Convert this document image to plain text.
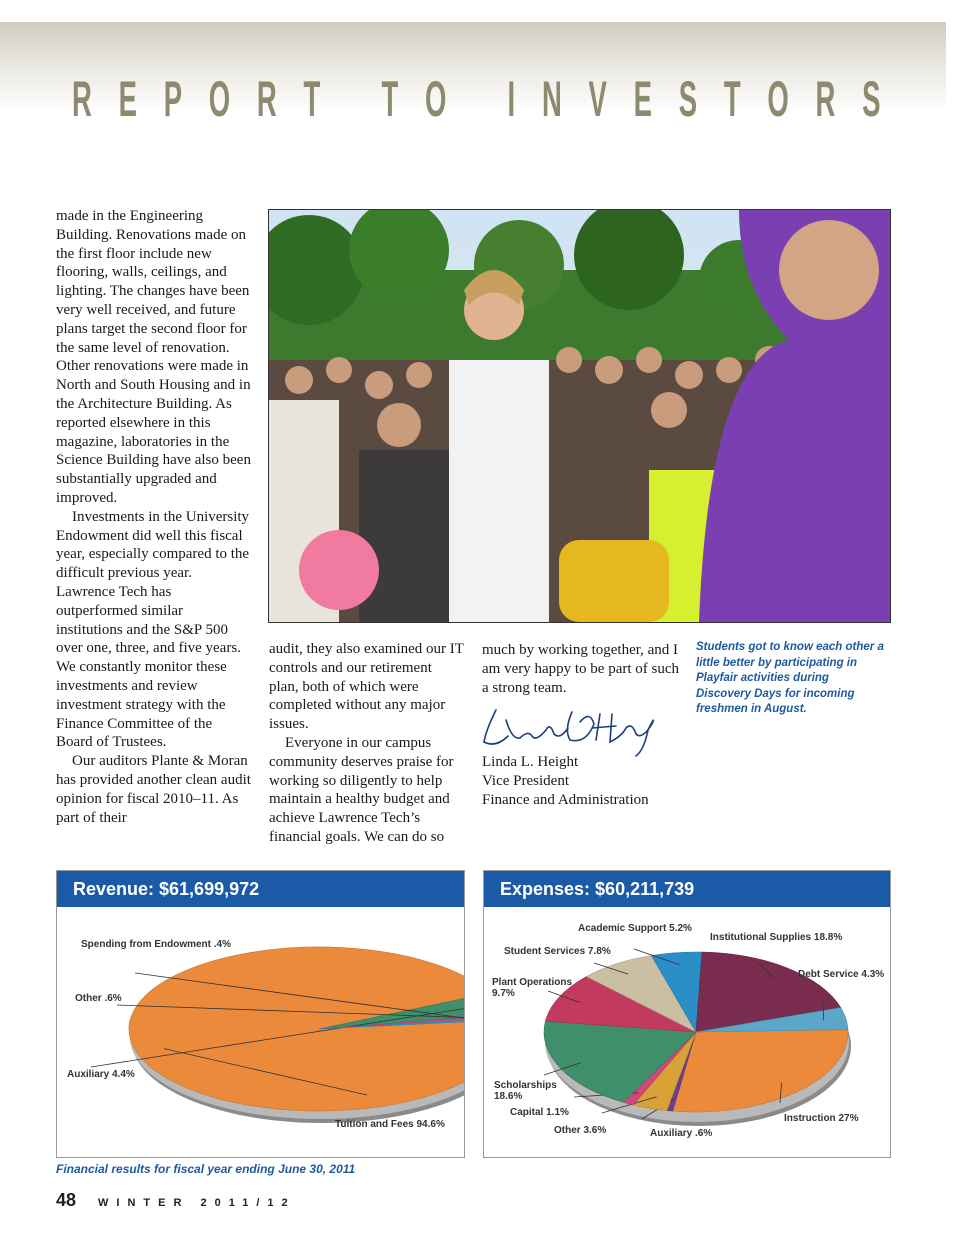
R E P O R T
T O
I N V E S T O R S

made in the Engineering Building. Renovations made on the first floor include new flooring, walls, ceilings, and lighting. The changes have been very well received, and future plans target the second floor for the same level of renovation. Other renovations were made in North and South Housing and in the Architecture Building. As reported elsewhere in this magazine, laboratories in the Science Building have also been substantially upgraded and improved.

Investments in the University Endowment did well this fiscal year, especially compared to the difficult previous year. Lawrence Tech has outperformed similar institutions and the S&P 500 over one, three, and five years. We constantly monitor these investments and review investment strategy with the Finance Committee of the Board of Trustees.

Our auditors Plante & Moran has provided another clean audit opinion for fiscal 2010–11. As part of their

audit, they also examined our IT controls and our retirement plan, both of which were completed without any major issues.

Everyone in our campus community deserves praise for working so diligently to help maintain a healthy budget and achieve Lawrence Tech’s financial goals. We can do so

much by working together, and I am very happy to be part of such a strong team.

Students got to know each other a little better by participating in Playfair activities during Discovery Days for incoming freshmen in August.
Linda L. Height
Vice President
Finance and Administration
Revenue: $61,699,972
Tuition and Fees 94.6%
Auxiliary 4.4%
Other .6%
Spending from Endowment .4%
Expenses: $60,211,739
Instruction 27%
Auxiliary .6%
Other 3.6%
Capital 1.1%
Scholarships
18.6%
Plant Operations
9.7%
Student Services 7.8%
Academic Support 5.2%
Institutional Supplies 18.8%
Debt Service 4.3%
Financial results for fiscal year ending June 30, 2011
48 WINTER 2011/12
